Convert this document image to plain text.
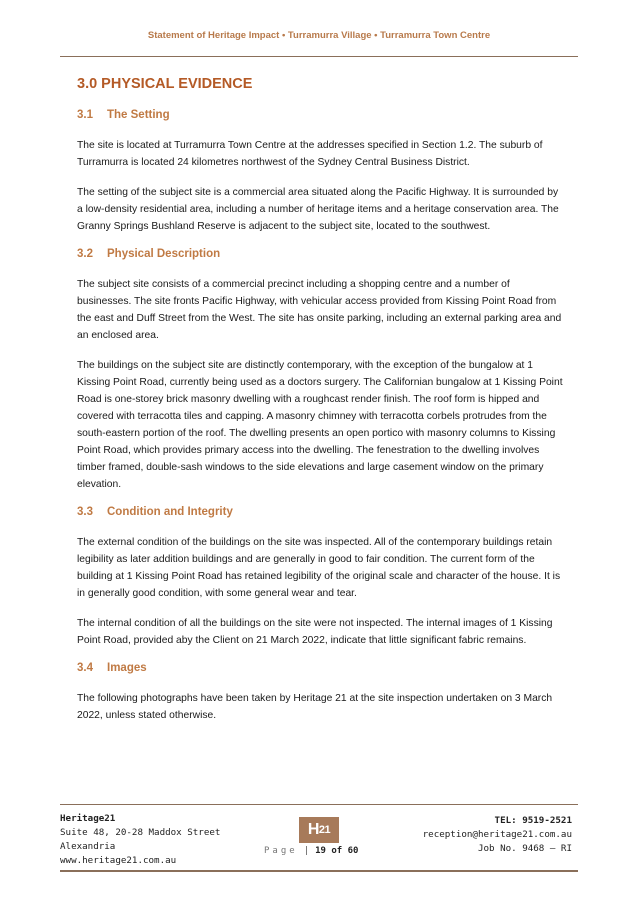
Statement of Heritage Impact • Turramurra Village • Turramurra Town Centre
3.0 PHYSICAL EVIDENCE
3.1 The Setting

The site is located at Turramurra Town Centre at the addresses specified in Section 1.2. The suburb of Turramurra is located 24 kilometres northwest of the Sydney Central Business District.

The setting of the subject site is a commercial area situated along the Pacific Highway. It is surrounded by a low-density residential area, including a number of heritage items and a heritage conservation area. The Granny Springs Bushland Reserve is adjacent to the subject site, located to the southwest.

3.2 Physical Description

The subject site consists of a commercial precinct including a shopping centre and a number of businesses. The site fronts Pacific Highway, with vehicular access provided from Kissing Point Road from the east and Duff Street from the West. The site has onsite parking, including an external parking area and an enclosed area.

The buildings on the subject site are distinctly contemporary, with the exception of the bungalow at 1 Kissing Point Road, currently being used as a doctors surgery. The Californian bungalow at 1 Kissing Point Road is one-storey brick masonry dwelling with a roughcast render finish. The roof form is hipped and covered with terracotta tiles and capping. A masonry chimney with terracotta corbels protrudes from the south-eastern portion of the roof. The dwelling presents an open portico with masonry columns to Kissing Point Road, which provides primary access into the dwelling. The fenestration to the dwelling involves timber framed, double-sash windows to the side elevations and large casement window on the primary elevation.

3.3 Condition and Integrity

The external condition of the buildings on the site was inspected. All of the contemporary buildings retain legibility as later addition buildings and are generally in good to fair condition. The current form of the building at 1 Kissing Point Road has retained legibility of the original scale and character of the house. It is in generally good condition, with some general wear and tear.

The internal condition of all the buildings on the site were not inspected. The internal images of 1 Kissing Point Road, provided aby the Client on 21 March 2022, indicate that little significant fabric remains.

3.4 Images

The following photographs have been taken by Heritage 21 at the site inspection undertaken on 3 March 2022, unless stated otherwise.

Heritage21
Suite 48, 20-28 Maddox Street
Alexandria
www.heritage21.com.au
H 21
Page | 19 of 60
TEL: 9519-2521
reception@heritage21.com.au
Job No. 9468 – RI
